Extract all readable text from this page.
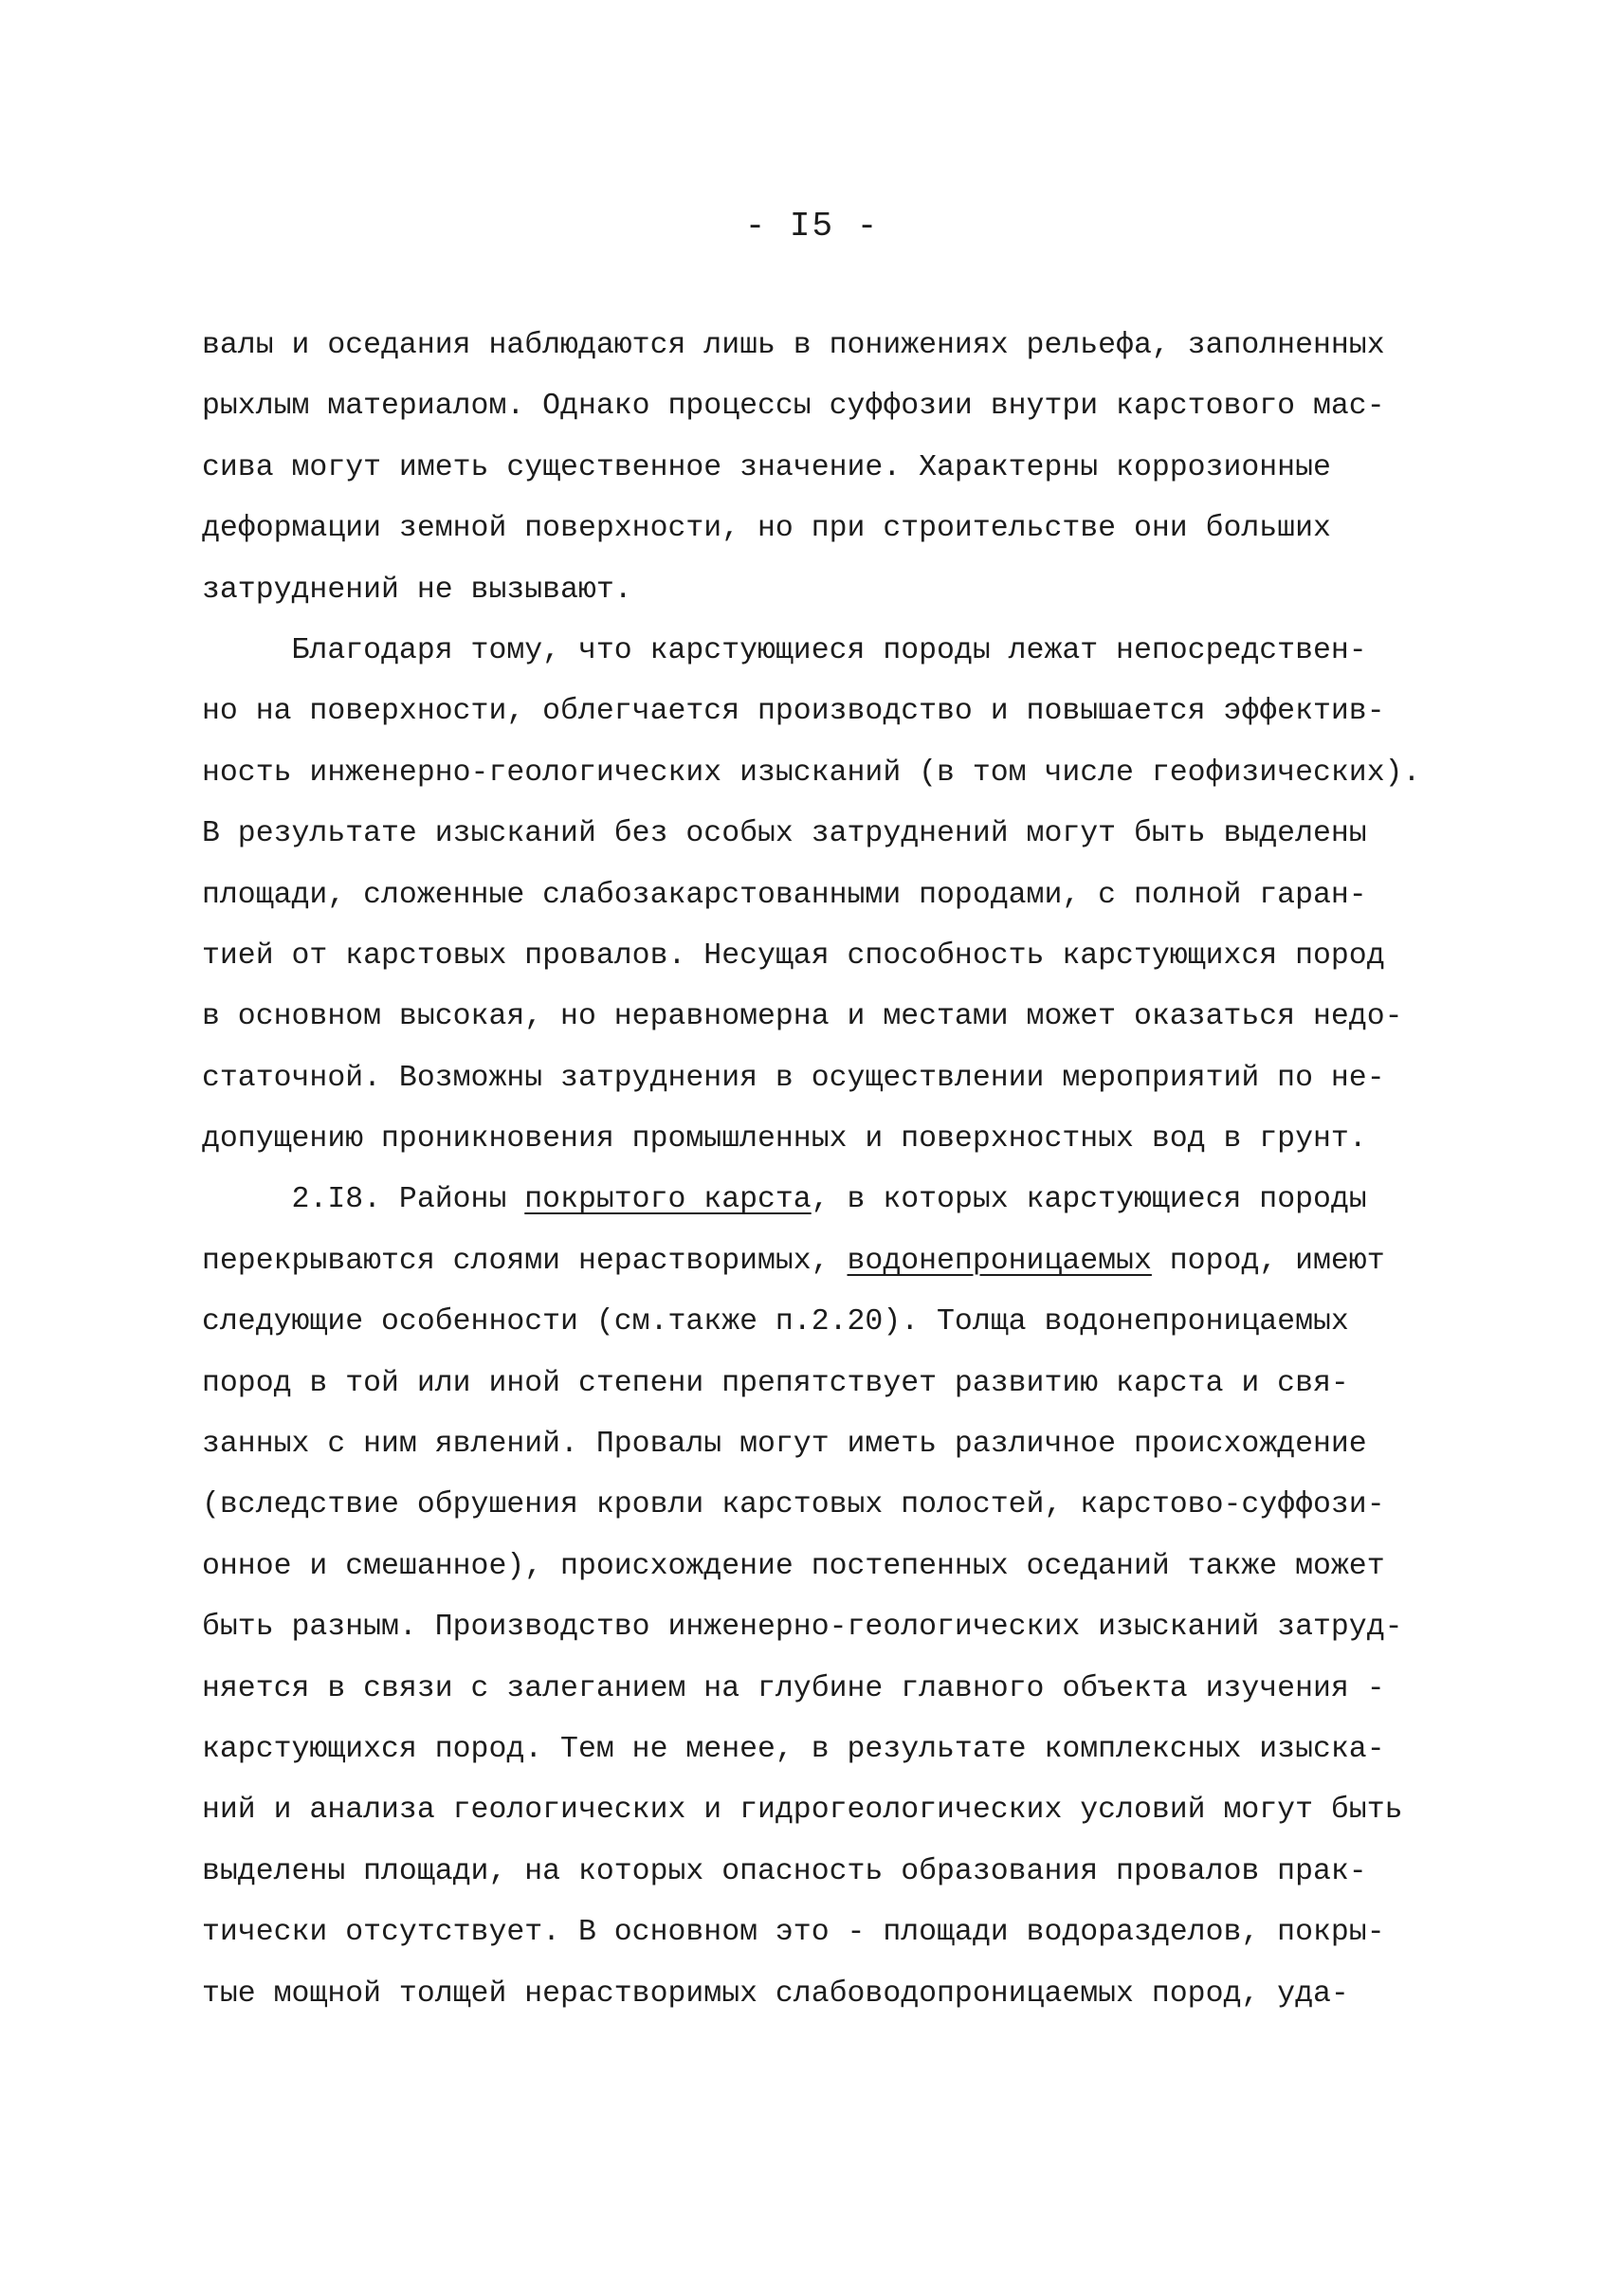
- I5 -
валы и оседания наблюдаются лишь в понижениях рельефа, заполненных
рыхлым материалом. Однако процессы суффозии внутри карстового мас-
сива могут иметь существенное значение. Характерны коррозионные
деформации земной поверхности, но при строительстве они больших
затруднений не вызывают.
Благодаря тому, что карстующиеся породы лежат непосредствен-
но на поверхности, облегчается производство и повышается эффектив-
ность инженерно-геологических изысканий (в том числе геофизических).
В результате изысканий без особых затруднений могут быть выделены
площади, сложенные слабозакарстованными породами, с полной гаран-
тией от карстовых провалов. Несущая способность карстующихся пород
в основном высокая, но неравномерна и местами может оказаться недо-
статочной. Возможны затруднения в осуществлении мероприятий по не-
допущению проникновения промышленных и поверхностных вод в грунт.
2.I8. Районы покрытого карста, в которых карстующиеся породы
перекрываются слоями нерастворимых, водонепроницаемых пород, имеют
следующие особенности (см.также п.2.20). Толща водонепроницаемых
пород в той или иной степени препятствует развитию карста и свя-
занных с ним явлений. Провалы могут иметь различное происхождение
(вследствие обрушения кровли карстовых полостей, карстово-суффози-
онное и смешанное), происхождение постепенных оседаний также может
быть разным. Производство инженерно-геологических изысканий затруд-
няется в связи с залеганием на глубине главного объекта изучения -
карстующихся пород. Тем не менее, в результате комплексных изыска-
ний и анализа геологических и гидрогеологических условий могут быть
выделены площади, на которых опасность образования провалов прак-
тически отсутствует. В основном это - площади водоразделов, покры-
тые мощной толщей нерастворимых слабоводопроницаемых пород, уда-
